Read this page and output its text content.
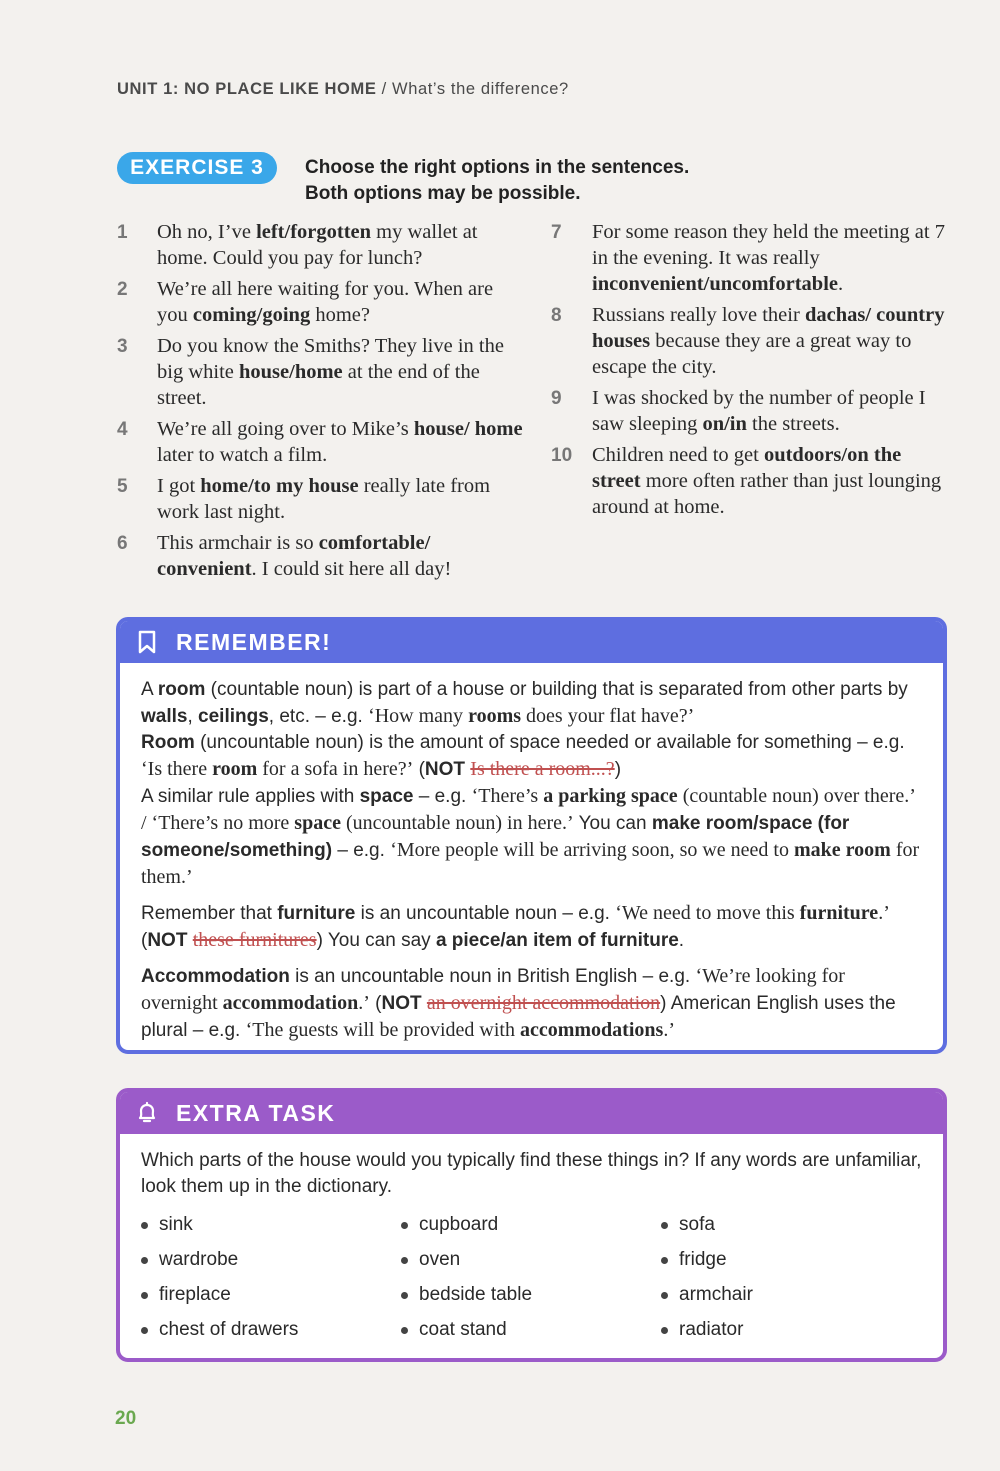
UNIT 1: NO PLACE LIKE HOME / What’s the difference?
EXERCISE 3	Choose the right options in the sentences.
Both options may be possible.
1 Oh no, I’ve left/forgotten my wallet at home. Could you pay for lunch?
2 We’re all here waiting for you. When are you coming/going home?
3 Do you know the Smiths? They live in the big white house/home at the end of the street.
4 We’re all going over to Mike’s house/ home later to watch a film.
5 I got home/to my house really late from work last night.
6 This armchair is so comfortable/ convenient. I could sit here all day!
7 For some reason they held the meeting at 7 in the evening. It was really inconvenient/uncomfortable.
8 Russians really love their dachas/ country houses because they are a great way to escape the city.
9 I was shocked by the number of people I saw sleeping on/in the streets.
10 Children need to get outdoors/on the street more often rather than just lounging around at home.
REMEMBER!

A room (countable noun) is part of a house or building that is separated from other parts by walls, ceilings, etc. – e.g. ‘How many rooms does your flat have?’
Room (uncountable noun) is the amount of space needed or available for something – e.g. ‘Is there room for a sofa in here?’ (NOT Is there a room...?)
A similar rule applies with space – e.g. ‘There’s a parking space (countable noun) over there.’ / ‘There’s no more space (uncountable noun) in here.’ You can make room/space (for someone/something) – e.g. ‘More people will be arriving soon, so we need to make room for them.’

Remember that furniture is an uncountable noun – e.g. ‘We need to move this furniture.’ (NOT these furnitures) You can say a piece/an item of furniture.

Accommodation is an uncountable noun in British English – e.g. ‘We’re looking for overnight accommodation.’ (NOT an overnight accommodation) American English uses the plural – e.g. ‘The guests will be provided with accommodations.’

EXTRA TASK
Which parts of the house would you typically find these things in? If any words are unfamiliar, look them up in the dictionary.
sink	cupboard	sofa
wardrobe	oven	fridge
fireplace	bedside table	armchair
chest of drawers	coat stand	radiator
20
